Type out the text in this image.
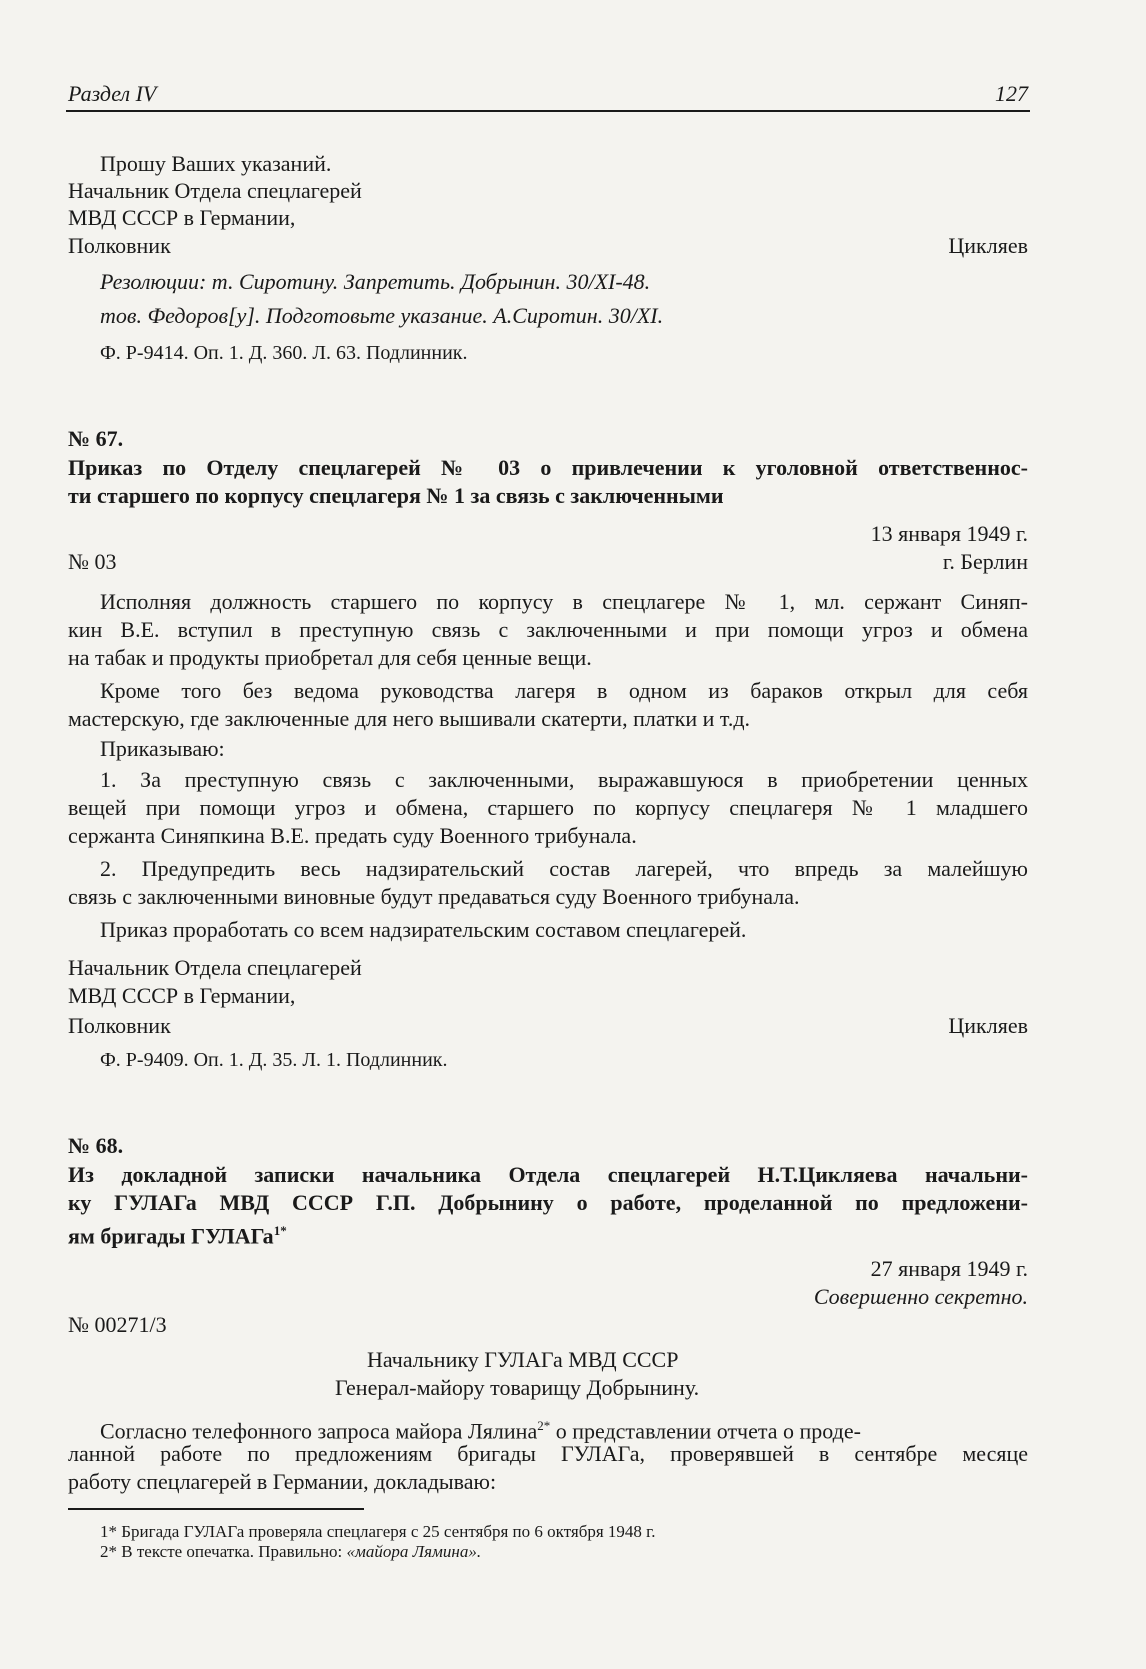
Раздел IV	127
Прошу Ваших указаний.
Начальник Отдела спецлагерей
МВД СССР в Германии,
Полковник	Цикляев
Резолюции: т. Сиротину. Запретить. Добрынин. 30/XI-48.
тов. Федоров[у]. Подготовьте указание. А.Сиротин. 30/XI.
Ф. Р-9414. Оп. 1. Д. 360. Л. 63. Подлинник.
№ 67.
Приказ по Отделу спецлагерей № 03 о привлечении к уголовной ответственнос-
ти старшего по корпусу спецлагеря № 1 за связь с заключенными
13 января 1949 г.
№ 03	г. Берлин
Исполняя должность старшего по корпусу в спецлагере № 1, мл. сержант Синяп-
кин В.Е. вступил в преступную связь с заключенными и при помощи угроз и обмена
на табак и продукты приобретал для себя ценные вещи.
Кроме того без ведома руководства лагеря в одном из бараков открыл для себя
мастерскую, где заключенные для него вышивали скатерти, платки и т.д.
Приказываю:
1. За преступную связь с заключенными, выражавшуюся в приобретении ценных
вещей при помощи угроз и обмена, старшего по корпусу спецлагеря № 1 младшего
сержанта Синяпкина В.Е. предать суду Военного трибунала.
2. Предупредить весь надзирательский состав лагерей, что впредь за малейшую
связь с заключенными виновные будут предаваться суду Военного трибунала.
Приказ проработать со всем надзирательским составом спецлагерей.
Начальник Отдела спецлагерей
МВД СССР в Германии,
Полковник	Цикляев
Ф. Р-9409. Оп. 1. Д. 35. Л. 1. Подлинник.
№ 68.
Из докладной записки начальника Отдела спецлагерей Н.Т.Цикляева начальни-
ку ГУЛАГа МВД СССР Г.П. Добрынину о работе, проделанной по предложени-
ям бригады ГУЛАГа$^{1*}$
27 января 1949 г.
Совершенно секретно.
№ 00271/3
Начальнику ГУЛАГа МВД СССР
Генерал-майору товарищу Добрынину.
Согласно телефонного запроса майора Лялина$^{2*}$ о представлении отчета о проде-
ланной работе по предложениям бригады ГУЛАГа, проверявшей в сентябре месяце
работу спецлагерей в Германии, докладываю:
1* Бригада ГУЛАГа проверяла спецлагеря с 25 сентября по 6 октября 1948 г.
2* В тексте опечатка. Правильно: «майора Лямина».
